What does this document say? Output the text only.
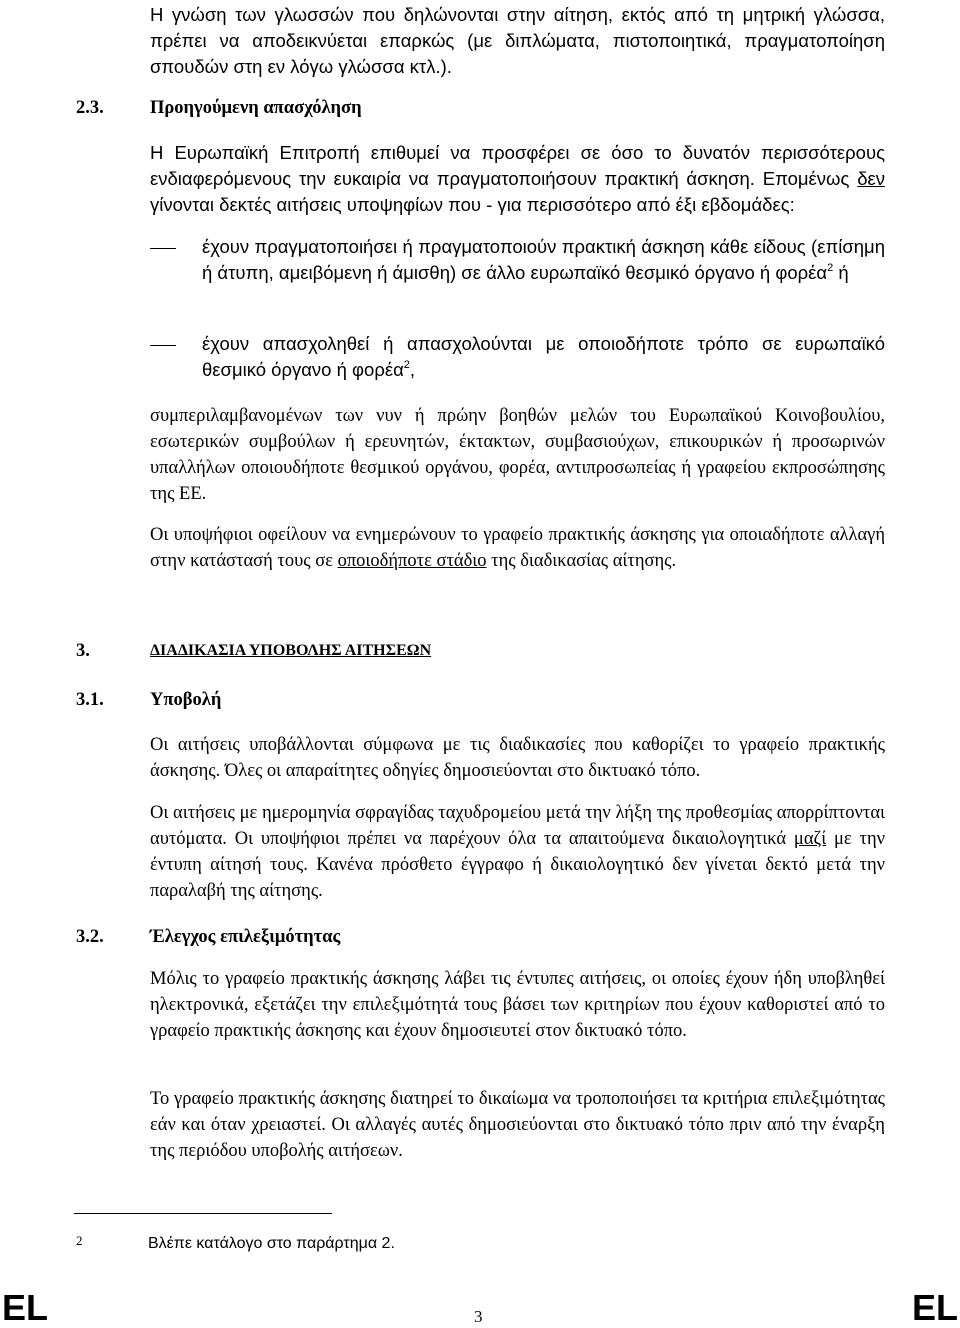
Η γνώση των γλωσσών που δηλώνονται στην αίτηση, εκτός από τη μητρική γλώσσα, πρέπει να αποδεικνύεται επαρκώς (με διπλώματα, πιστοποιητικά, πραγματοποίηση σπουδών στη εν λόγω γλώσσα κτλ.).
2.3.	Προηγούμενη απασχόληση
Η Ευρωπαϊκή Επιτροπή επιθυμεί να προσφέρει σε όσο το δυνατόν περισσότερους ενδιαφερόμενους την ευκαιρία να πραγματοποιήσουν πρακτική άσκηση. Επομένως δεν γίνονται δεκτές αιτήσεις υποψηφίων που - για περισσότερο από έξι εβδομάδες:
έχουν πραγματοποιήσει ή πραγματοποιούν πρακτική άσκηση κάθε είδους (επίσημη ή άτυπη, αμειβόμενη ή άμισθη) σε άλλο ευρωπαϊκό θεσμικό όργανο ή φορέα$^2$ ή
έχουν απασχοληθεί ή απασχολούνται με οποιοδήποτε τρόπο σε ευρωπαϊκό θεσμικό όργανο ή φορέα$^2$,
συμπεριλαμβανομένων των νυν ή πρώην βοηθών μελών του Ευρωπαϊκού Κοινοβουλίου, εσωτερικών συμβούλων ή ερευνητών, έκτακτων, συμβασιούχων, επικουρικών ή προσωρινών υπαλλήλων οποιουδήποτε θεσμικού οργάνου, φορέα, αντιπροσωπείας ή γραφείου εκπροσώπησης της ΕΕ.
Οι υποψήφιοι οφείλουν να ενημερώνουν το γραφείο πρακτικής άσκησης για οποιαδήποτε αλλαγή στην κατάστασή τους σε οποιοδήποτε στάδιο της διαδικασίας αίτησης.
3.	ΔΙΑΔΙΚΑΣΙΑ ΥΠΟΒΟΛΗΣ ΑΙΤΗΣΕΩΝ
3.1.	Υποβολή
Οι αιτήσεις υποβάλλονται σύμφωνα με τις διαδικασίες που καθορίζει το γραφείο πρακτικής άσκησης. Όλες οι απαραίτητες οδηγίες δημοσιεύονται στο δικτυακό τόπο.
Οι αιτήσεις με ημερομηνία σφραγίδας ταχυδρομείου μετά την λήξη της προθεσμίας απορρίπτονται αυτόματα. Οι υποψήφιοι πρέπει να παρέχουν όλα τα απαιτούμενα δικαιολογητικά μαζί με την έντυπη αίτησή τους. Κανένα πρόσθετο έγγραφο ή δικαιολογητικό δεν γίνεται δεκτό μετά την παραλαβή της αίτησης.
3.2.	Έλεγχος επιλεξιμότητας
Μόλις το γραφείο πρακτικής άσκησης λάβει τις έντυπες αιτήσεις, οι οποίες έχουν ήδη υποβληθεί ηλεκτρονικά, εξετάζει την επιλεξιμότητά τους βάσει των κριτηρίων που έχουν καθοριστεί από το γραφείο πρακτικής άσκησης και έχουν δημοσιευτεί στον δικτυακό τόπο.
Το γραφείο πρακτικής άσκησης διατηρεί το δικαίωμα να τροποποιήσει τα κριτήρια επιλεξιμότητας εάν και όταν χρειαστεί. Οι αλλαγές αυτές δημοσιεύονται στο δικτυακό τόπο πριν από την έναρξη της περιόδου υποβολής αιτήσεων.
2	Βλέπε κατάλογο στο παράρτημα 2.
EL	3	EL
